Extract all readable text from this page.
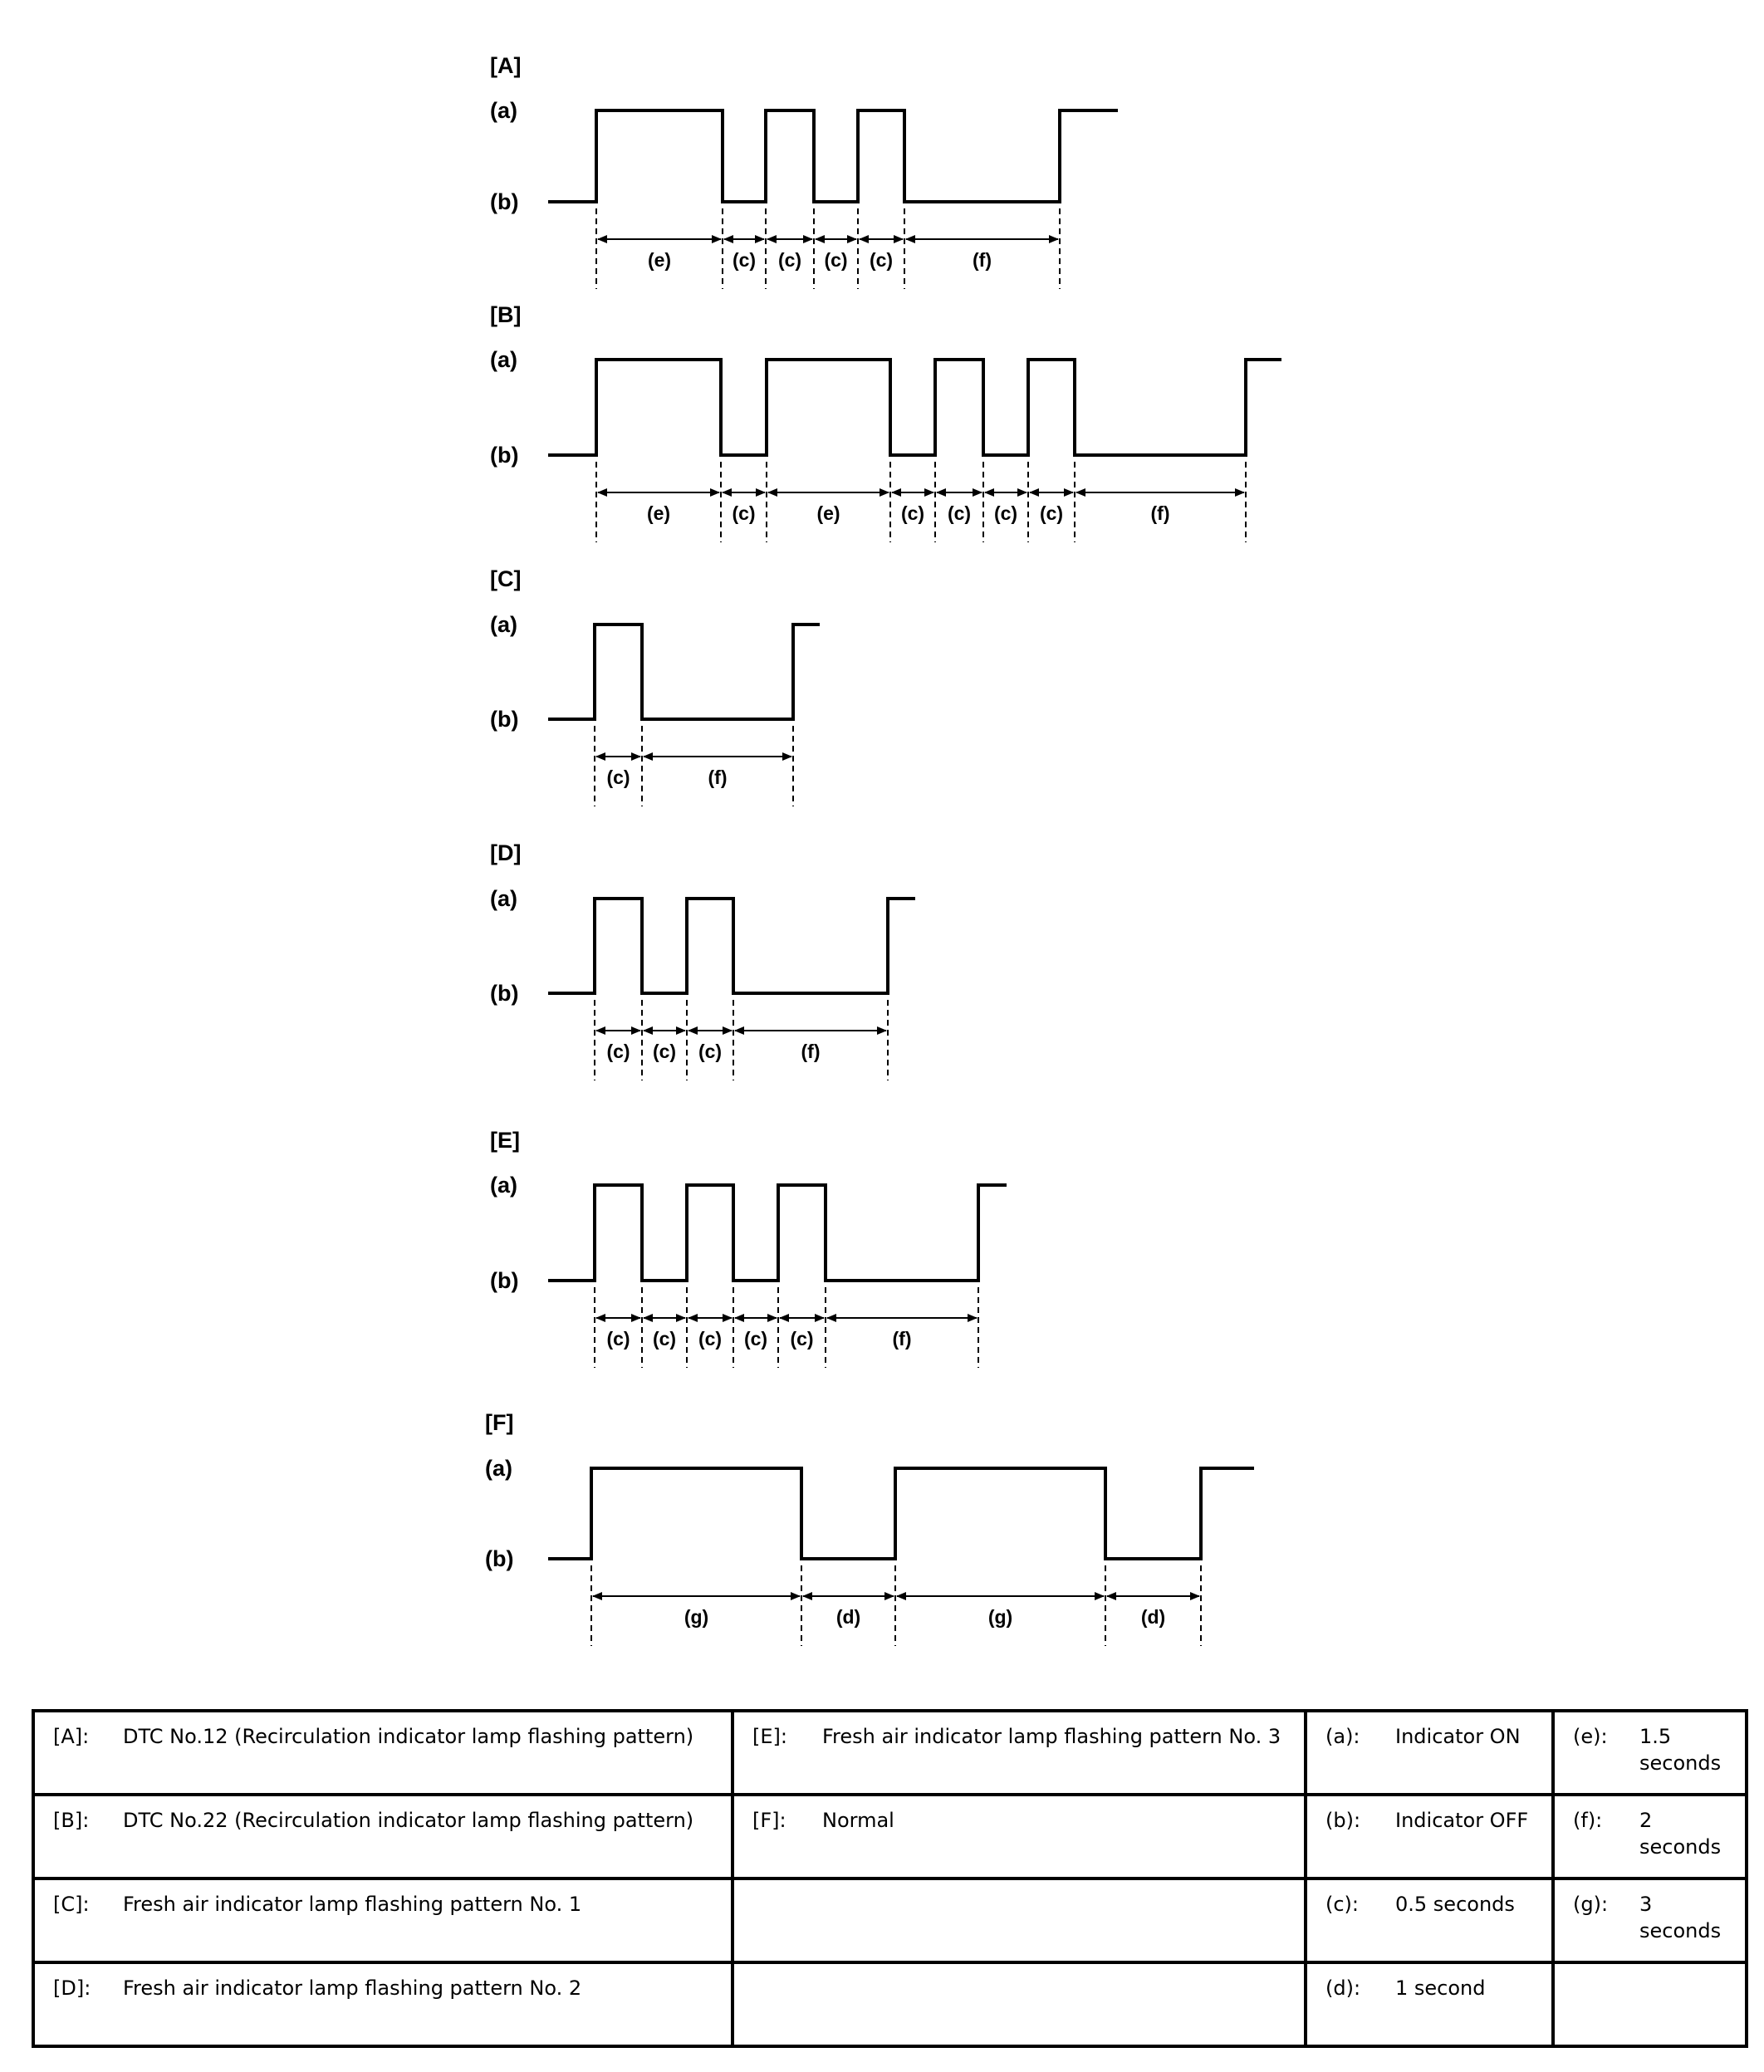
[A]
(a)
(b)
(e)	(c) (c) (c) (c)	(f)
[B]
(a)
(b)
(e)	(c)	(e)	(c) (c) (c) (c)	(f)
[C]
(a)
(b)
(c)	(f)
[D]
(a)
(b)
(c) (c) (c)	(f)
[E]
(a)
(b)
(c) (c) (c) (c) (c)	(f)
[F]
(a)
(b)
(g)	(d)	(g)	(d)
[A]: DTC No.12 (Recirculation indicator lamp flashing pattern)	[E]: Fresh air indicator lamp flashing pattern No. 3	(a): Indicator ON	(e): 1.5 seconds

[B]: DTC No.22 (Recirculation indicator lamp flashing pattern)	[F]: Normal	(b): Indicator OFF	(f): 2 seconds

[C]: Fresh air indicator lamp flashing pattern No. 1		(c): 0.5 seconds	(g): 3 seconds

[D]: Fresh air indicator lamp flashing pattern No. 2		(d): 1 second	
